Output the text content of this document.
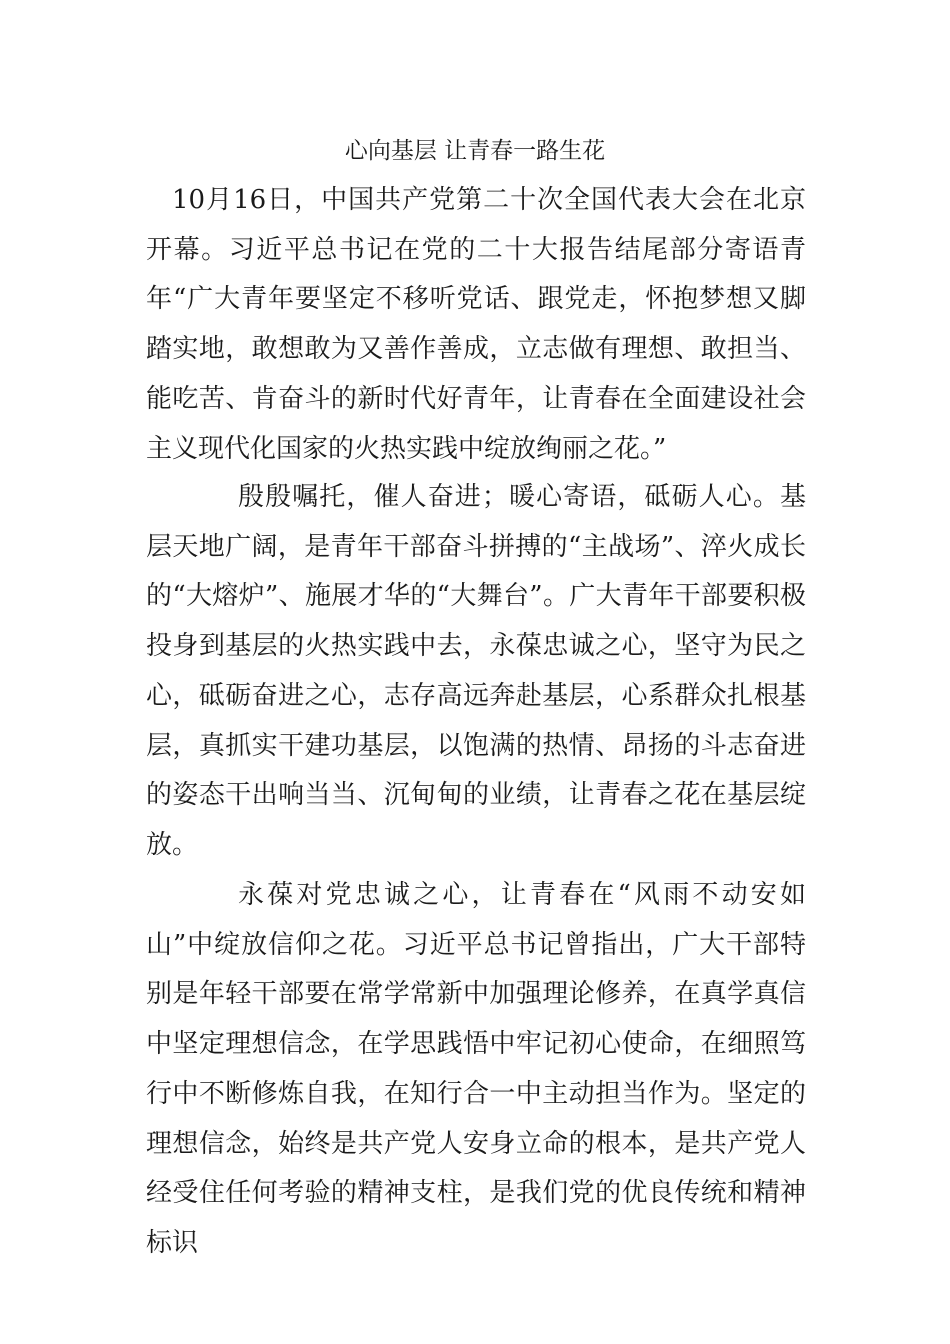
心向基层 让青春一路生花

10月16日，中国共产党第二十次全国代表大会在北京开幕。习近平总书记在党的二十大报告结尾部分寄语青年“广大青年要坚定不移听党话、跟党走，怀抱梦想又脚踏实地，敢想敢为又善作善成，立志做有理想、敢担当、能吃苦、肯奋斗的新时代好青年，让青春在全面建设社会主义现代化国家的火热实践中绽放绚丽之花。”

殷殷嘱托，催人奋进；暖心寄语，砥砺人心。基层天地广阔，是青年干部奋斗拼搏的“主战场”、淬火成长的“大熔炉”、施展才华的“大舞台”。广大青年干部要积极投身到基层的火热实践中去，永葆忠诚之心，坚守为民之心，砥砺奋进之心，志存高远奔赴基层，心系群众扎根基层，真抓实干建功基层，以饱满的热情、昂扬的斗志奋进的姿态干出响当当、沉甸甸的业绩，让青春之花在基层绽放。

永葆对党忠诚之心，让青春在“风雨不动安如山”中绽放信仰之花。习近平总书记曾指出，广大干部特别是年轻干部要在常学常新中加强理论修养，在真学真信中坚定理想信念，在学思践悟中牢记初心使命，在细照笃行中不断修炼自我，在知行合一中主动担当作为。坚定的理想信念，始终是共产党人安身立命的根本，是共产党人经受住任何考验的精神支柱，是我们党的优良传统和精神标识
